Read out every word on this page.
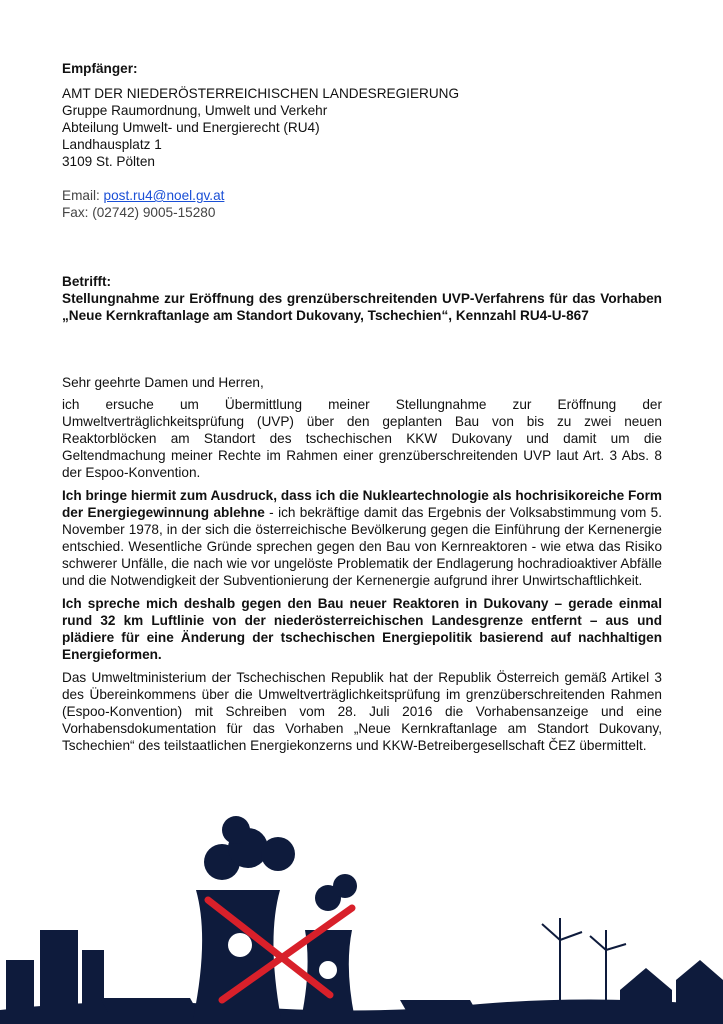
Empfänger:

AMT DER NIEDERÖSTERREICHISCHEN LANDESREGIERUNG

Gruppe Raumordnung, Umwelt und Verkehr

Abteilung Umwelt- und Energierecht (RU4)

Landhausplatz 1

3109 St. Pölten

Email: post.ru4@noel.gv.at

Fax: (02742) 9005-15280

Betrifft:

Stellungnahme zur Eröffnung des grenzüberschreitenden UVP-Verfahrens für das Vorhaben „Neue Kernkraftanlage am Standort Dukovany, Tschechien“, Kennzahl RU4-U-867

Sehr geehrte Damen und Herren,

ich ersuche um Übermittlung meiner Stellungnahme zur Eröffnung der Umweltverträglichkeitsprüfung (UVP) über den geplanten Bau von bis zu zwei neuen Reaktorblöcken am Standort des tschechischen KKW Dukovany und damit um die Geltendmachung meiner Rechte im Rahmen einer grenzüberschreitenden UVP laut Art. 3 Abs. 8 der Espoo-Konvention.

Ich bringe hiermit zum Ausdruck, dass ich die Nukleartechnologie als hochrisikoreiche Form der Energiegewinnung ablehne - ich bekräftige damit das Ergebnis der Volksabstimmung vom 5. November 1978, in der sich die österreichische Bevölkerung gegen die Einführung der Kernenergie entschied. Wesentliche Gründe sprechen gegen den Bau von Kernreaktoren - wie etwa das Risiko schwerer Unfälle, die nach wie vor ungelöste Problematik der Endlagerung hochradioaktiver Abfälle und die Notwendigkeit der Subventionierung der Kernenergie aufgrund ihrer Unwirtschaftlichkeit.

Ich spreche mich deshalb gegen den Bau neuer Reaktoren in Dukovany – gerade einmal rund 32 km Luftlinie von der niederösterreichischen Landesgrenze entfernt – aus und plädiere für eine Änderung der tschechischen Energiepolitik basierend auf nachhaltigen Energieformen.

Das Umweltministerium der Tschechischen Republik hat der Republik Österreich gemäß Artikel 3 des Übereinkommens über die Umweltverträglichkeitsprüfung im grenzüberschreitenden Rahmen (Espoo-Konvention) mit Schreiben vom 28. Juli 2016 die Vorhabensanzeige und eine Vorhabensdokumentation für das Vorhaben „Neue Kernkraftanlage am Standort Dukovany, Tschechien“ des teilstaatlichen Energiekonzerns und KKW-Betreibergesellschaft ČEZ übermittelt.
